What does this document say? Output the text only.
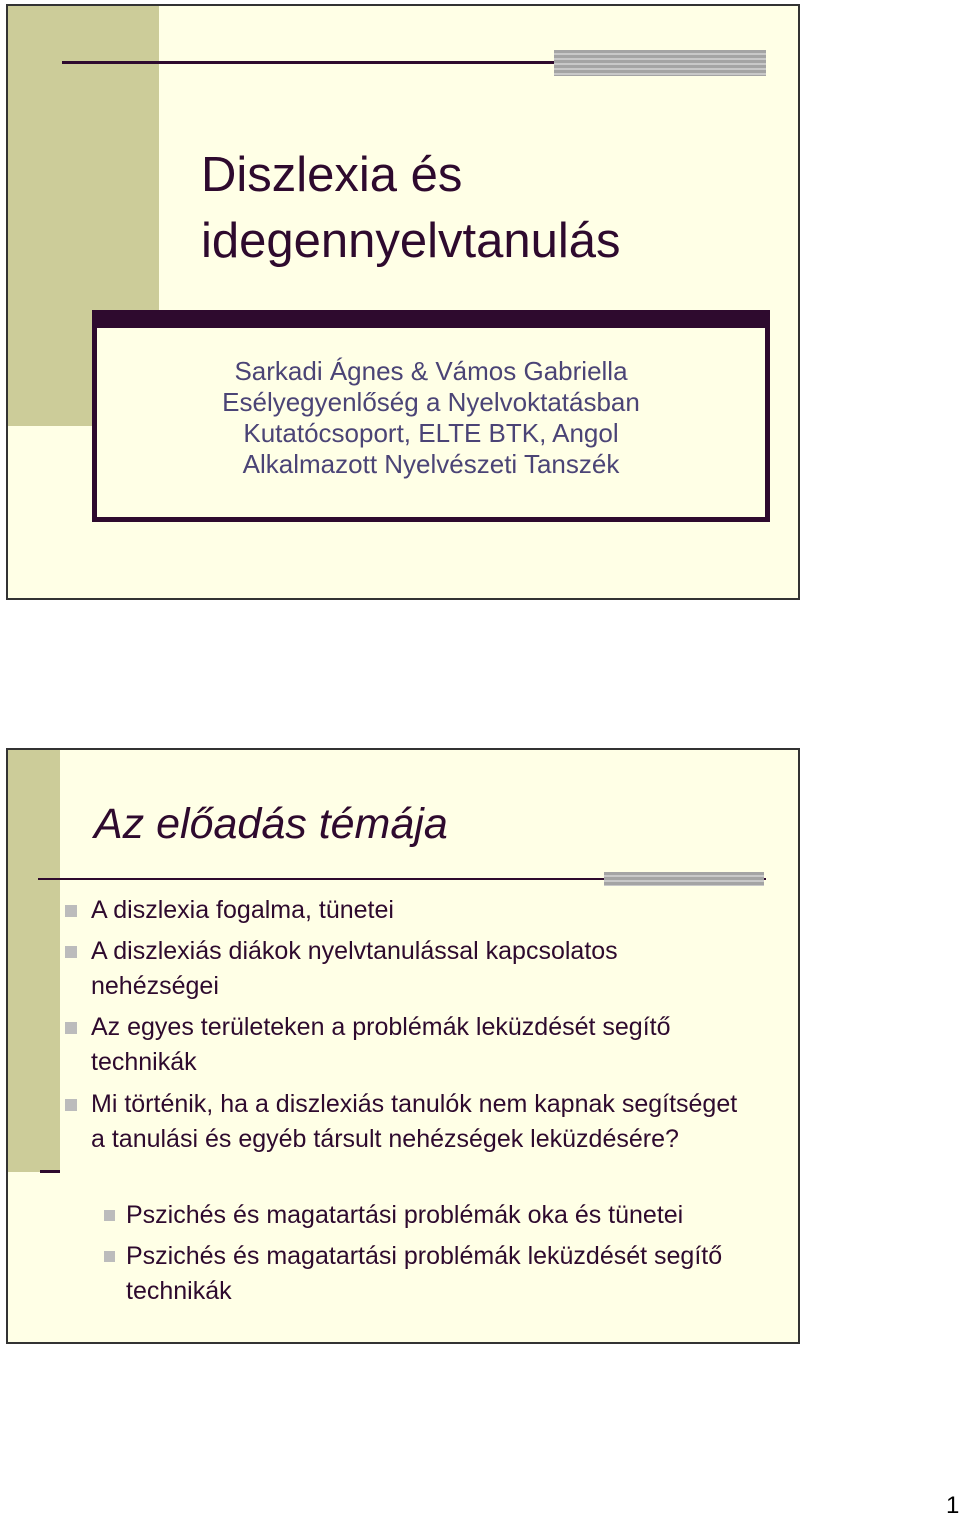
Diszlexia és
idegennyelvtanulás
Sarkadi Ágnes & Vámos Gabriella
Esélyegyenlőség a Nyelvoktatásban
Kutatócsoport, ELTE BTK, Angol
Alkalmazott Nyelvészeti Tanszék
Az előadás témája
A diszlexia fogalma, tünetei
A diszlexiás diákok nyelvtanulással kapcsolatos nehézségei
Az egyes területeken a problémák leküzdését segítő technikák
Mi történik, ha a diszlexiás tanulók nem kapnak segítséget a tanulási és egyéb társult nehézségek leküzdésére?
Pszichés és magatartási problémák oka és tünetei
Pszichés és magatartási problémák leküzdését segítő technikák
1
